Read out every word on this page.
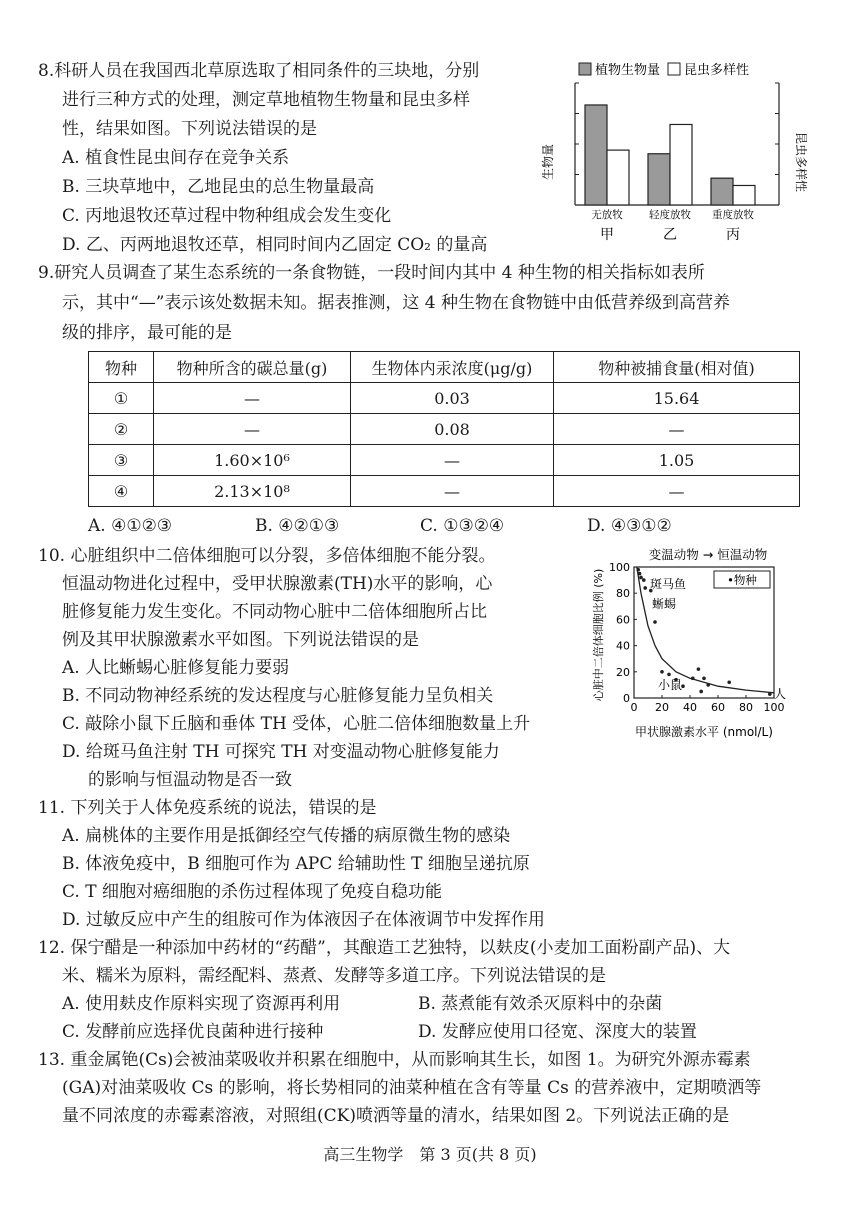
8.科研人员在我国西北草原选取了相同条件的三块地，分别
进行三种方式的处理，测定草地植物生物量和昆虫多样
性，结果如图。下列说法错误的是
A. 植食性昆虫间存在竞争关系
B. 三块草地中，乙地昆虫的总生物量最高
C. 丙地退牧还草过程中物种组成会发生变化
D. 乙、丙两地退牧还草，相同时间内乙固定 CO₂ 的量高
植物生物量 昆虫多样性
生物量	昆虫多样性
无放牧
甲
轻度放牧
乙
重度放牧
丙
9.研究人员调查了某生态系统的一条食物链，一段时间内其中 4 种生物的相关指标如表所
示，其中“—”表示该处数据未知。据表推测，这 4 种生物在食物链中由低营养级到高营养
级的排序，最可能的是
物种	物种所含的碳总量(g)	生物体内汞浓度(μg/g)	物种被捕食量(相对值)
①	—	0.03	15.64
②	—	0.08	—
③	1.60×10⁶	—	1.05
④	2.13×10⁸	—	—
A. ④①②③	B. ④②①③	C. ①③②④	D. ④③①②
10. 心脏组织中二倍体细胞可以分裂，多倍体细胞不能分裂。
恒温动物进化过程中，受甲状腺激素(TH)水平的影响，心
脏修复能力发生变化。不同动物心脏中二倍体细胞所占比
例及其甲状腺激素水平如图。下列说法错误的是
A. 人比蜥蜴心脏修复能力要弱
B. 不同动物神经系统的发达程度与心脏修复能力呈负相关
C. 敲除小鼠下丘脑和垂体 TH 受体，心脏二倍体细胞数量上升
D. 给斑马鱼注射 TH 可探究 TH 对变温动物心脏修复能力
的影响与恒温动物是否一致
变温动物 → 恒温动物
心脏中二倍体细胞比例 (%)
甲状腺激素水平 (nmol/L)
0 20 40 60 80 100
0
20
40
60
80
100
•物种
斑马鱼
蜥蜴
小鼠
人
11. 下列关于人体免疫系统的说法，错误的是
A. 扁桃体的主要作用是抵御经空气传播的病原微生物的感染
B. 体液免疫中，B 细胞可作为 APC 给辅助性 T 细胞呈递抗原
C. T 细胞对癌细胞的杀伤过程体现了免疫自稳功能
D. 过敏反应中产生的组胺可作为体液因子在体液调节中发挥作用
12. 保宁醋是一种添加中药材的“药醋”，其酿造工艺独特，以麸皮(小麦加工面粉副产品)、大
米、糯米为原料，需经配料、蒸煮、发酵等多道工序。下列说法错误的是
A. 使用麸皮作原料实现了资源再利用	B. 蒸煮能有效杀灭原料中的杂菌
C. 发酵前应选择优良菌种进行接种	D. 发酵应使用口径宽、深度大的装置
13. 重金属铯(Cs)会被油菜吸收并积累在细胞中，从而影响其生长，如图 1。为研究外源赤霉素
(GA)对油菜吸收 Cs 的影响，将长势相同的油菜种植在含有等量 Cs 的营养液中，定期喷洒等
量不同浓度的赤霉素溶液，对照组(CK)喷洒等量的清水，结果如图 2。下列说法正确的是
高三生物学　第 3 页(共 8 页)
